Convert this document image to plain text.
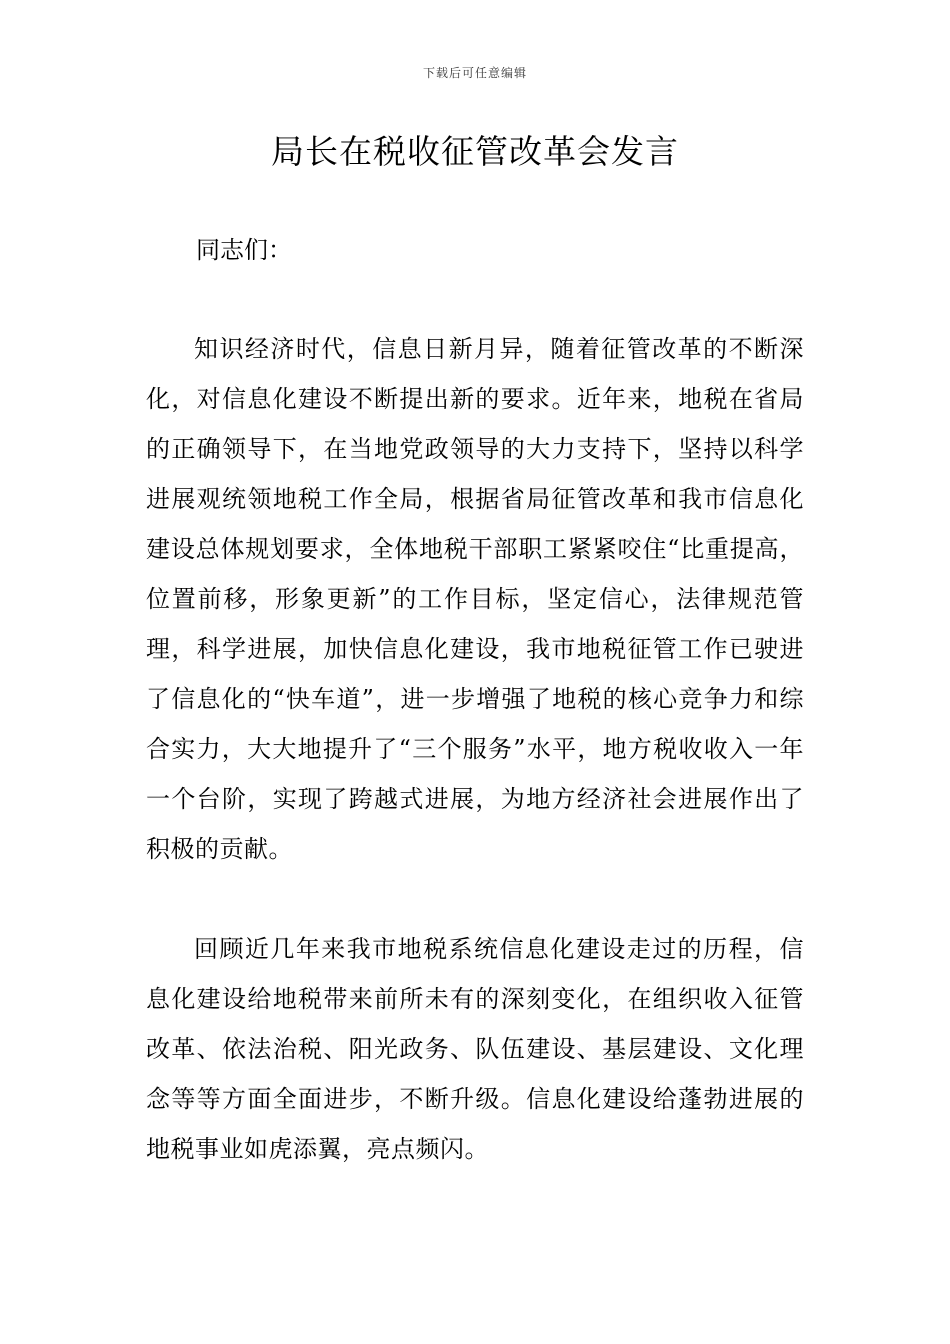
下载后可任意编辑
局长在税收征管改革会发言

同志们：

知识经济时代，信息日新月异，随着征管改革的不断深化，对信息化建设不断提出新的要求。近年来，地税在省局的正确领导下，在当地党政领导的大力支持下，坚持以科学进展观统领地税工作全局，根据省局征管改革和我市信息化建设总体规划要求，全体地税干部职工紧紧咬住“比重提高，位置前移，形象更新”的工作目标，坚定信心，法律规范管理，科学进展，加快信息化建设，我市地税征管工作已驶进了信息化的“快车道”，进一步增强了地税的核心竞争力和综合实力，大大地提升了“三个服务”水平，地方税收收入一年一个台阶，实现了跨越式进展，为地方经济社会进展作出了积极的贡献。

回顾近几年来我市地税系统信息化建设走过的历程，信息化建设给地税带来前所未有的深刻变化，在组织收入征管改革、依法治税、阳光政务、队伍建设、基层建设、文化理念等等方面全面进步，不断升级。信息化建设给蓬勃进展的地税事业如虎添翼，亮点频闪。
